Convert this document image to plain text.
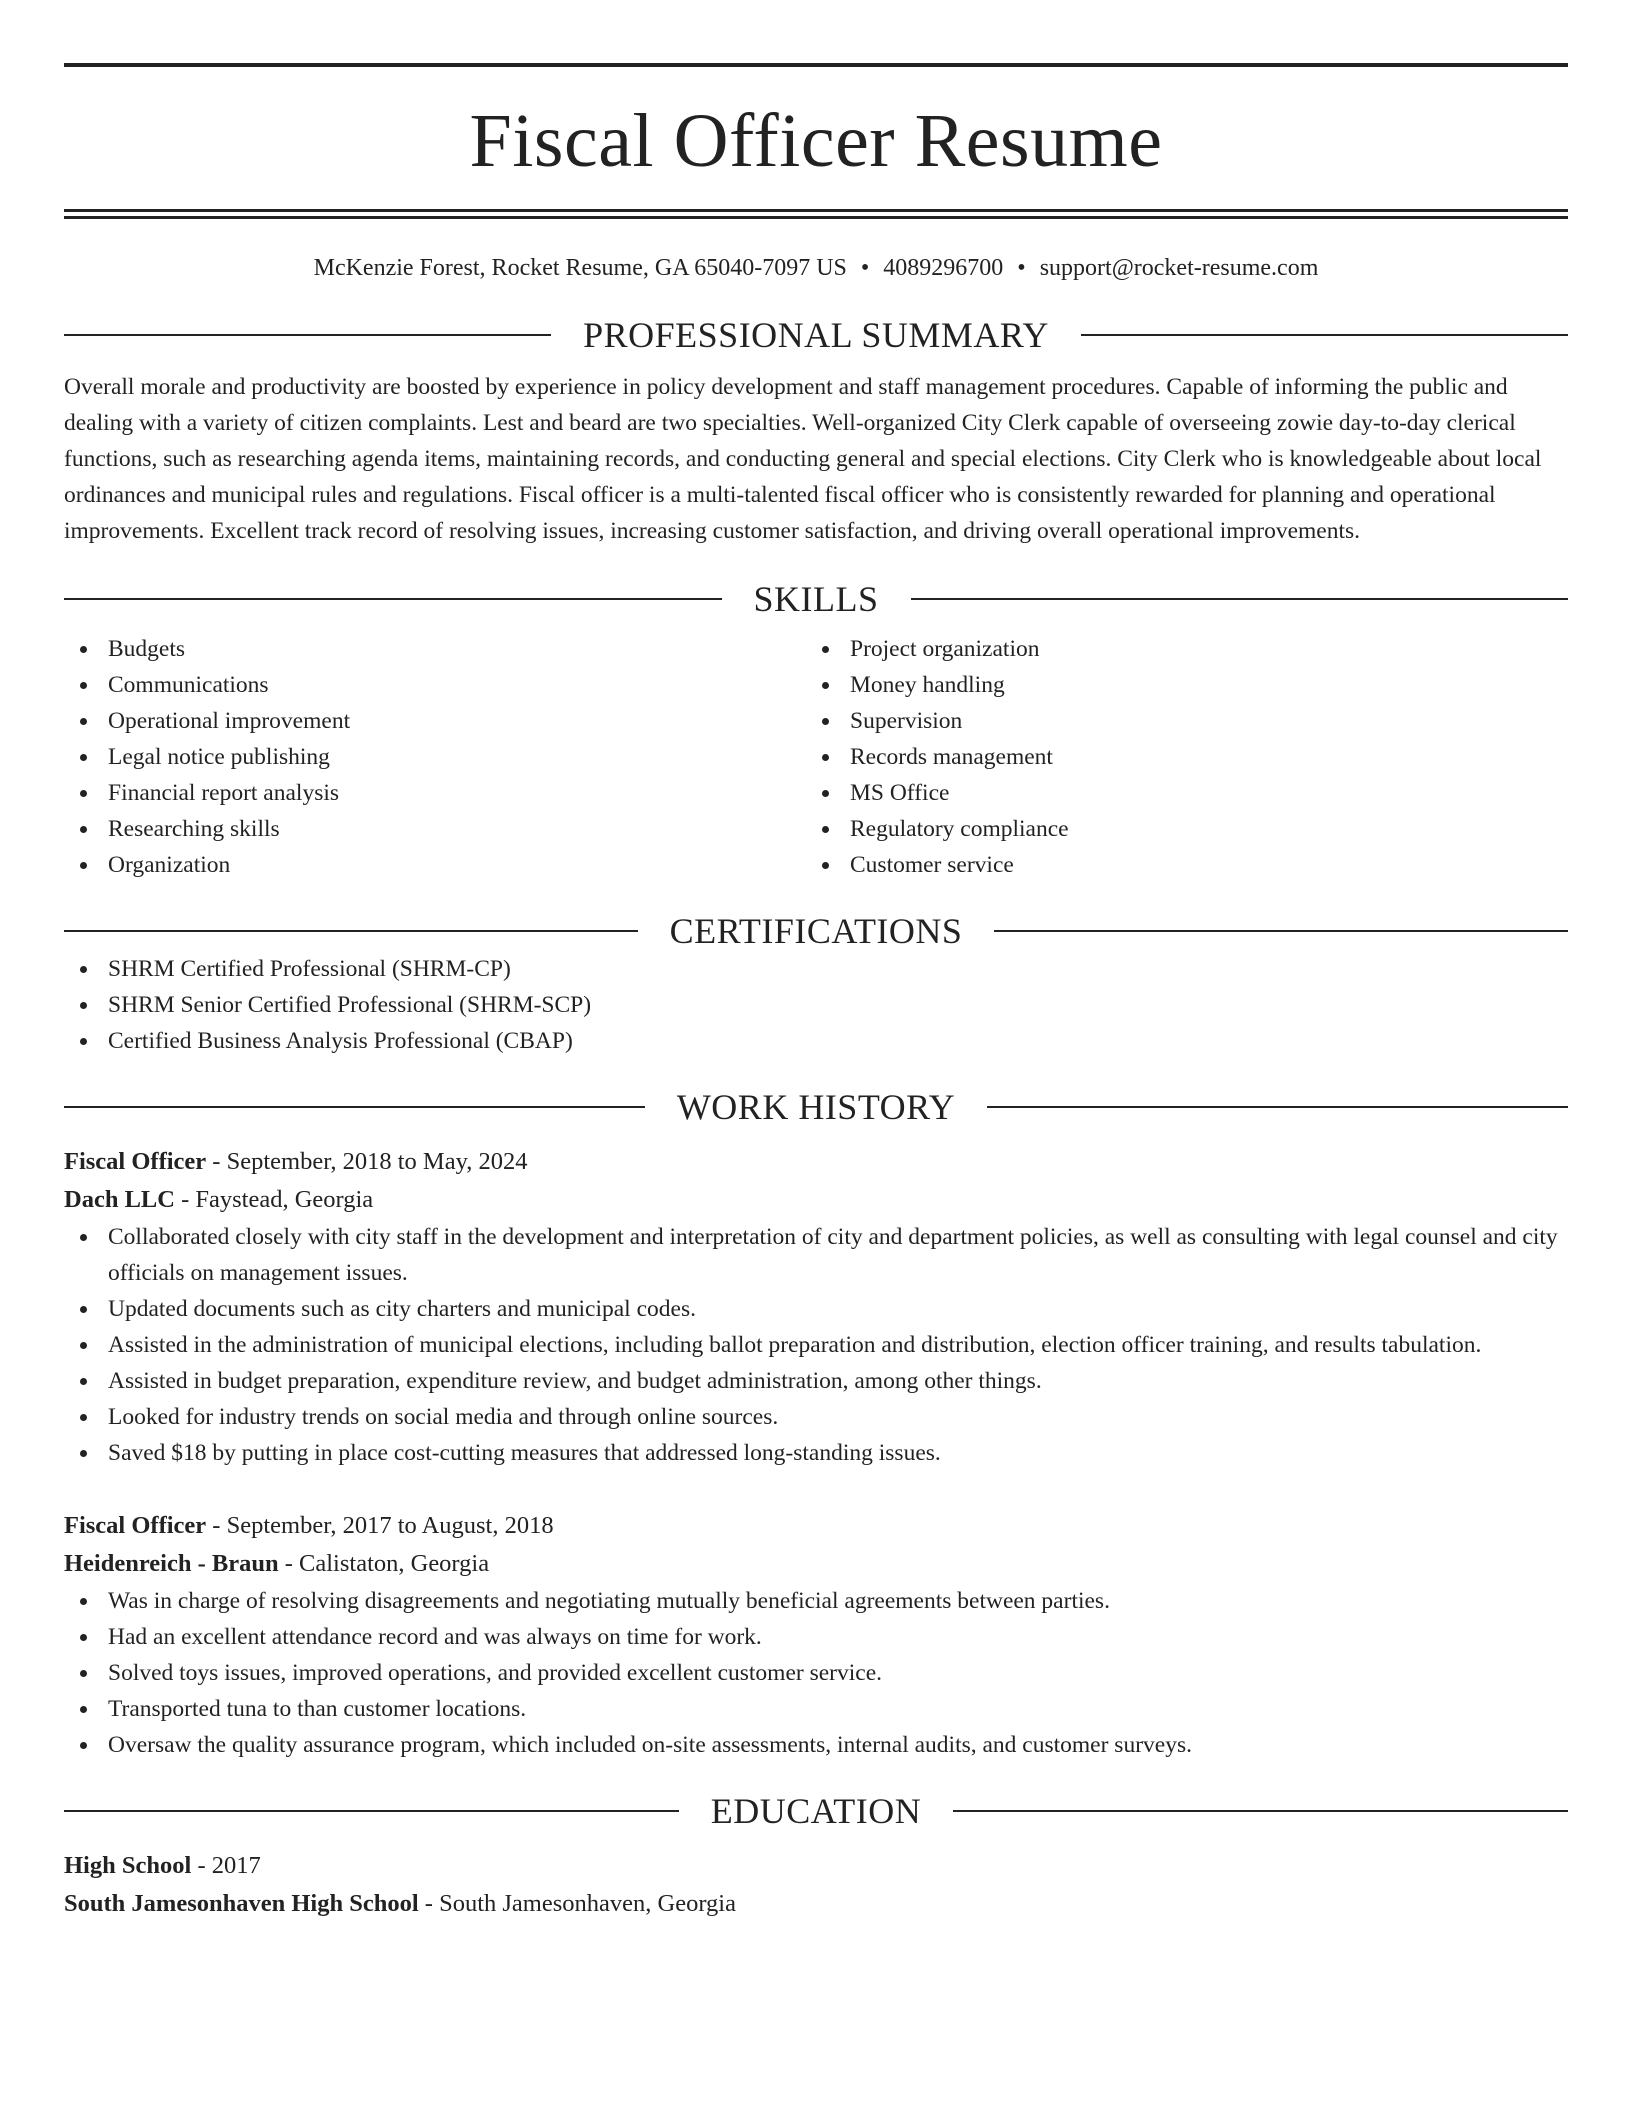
Fiscal Officer Resume
McKenzie Forest, Rocket Resume, GA 65040-7097 US • 4089296700 • support@rocket-resume.com
PROFESSIONAL SUMMARY
Overall morale and productivity are boosted by experience in policy development and staff management procedures. Capable of informing the public and dealing with a variety of citizen complaints. Lest and beard are two specialties. Well-organized City Clerk capable of overseeing zowie day-to-day clerical functions, such as researching agenda items, maintaining records, and conducting general and special elections. City Clerk who is knowledgeable about local ordinances and municipal rules and regulations. Fiscal officer is a multi-talented fiscal officer who is consistently rewarded for planning and operational improvements. Excellent track record of resolving issues, increasing customer satisfaction, and driving overall operational improvements.
SKILLS
Budgets
Communications
Operational improvement
Legal notice publishing
Financial report analysis
Researching skills
Organization
Project organization
Money handling
Supervision
Records management
MS Office
Regulatory compliance
Customer service
CERTIFICATIONS
SHRM Certified Professional (SHRM-CP)
SHRM Senior Certified Professional (SHRM-SCP)
Certified Business Analysis Professional (CBAP)
WORK HISTORY
Fiscal Officer - September, 2018 to May, 2024
Dach LLC - Faystead, Georgia
Collaborated closely with city staff in the development and interpretation of city and department policies, as well as consulting with legal counsel and city officials on management issues.
Updated documents such as city charters and municipal codes.
Assisted in the administration of municipal elections, including ballot preparation and distribution, election officer training, and results tabulation.
Assisted in budget preparation, expenditure review, and budget administration, among other things.
Looked for industry trends on social media and through online sources.
Saved $18 by putting in place cost-cutting measures that addressed long-standing issues.
Fiscal Officer - September, 2017 to August, 2018
Heidenreich - Braun - Calistaton, Georgia
Was in charge of resolving disagreements and negotiating mutually beneficial agreements between parties.
Had an excellent attendance record and was always on time for work.
Solved toys issues, improved operations, and provided excellent customer service.
Transported tuna to than customer locations.
Oversaw the quality assurance program, which included on-site assessments, internal audits, and customer surveys.
EDUCATION
High School - 2017
South Jamesonhaven High School - South Jamesonhaven, Georgia
